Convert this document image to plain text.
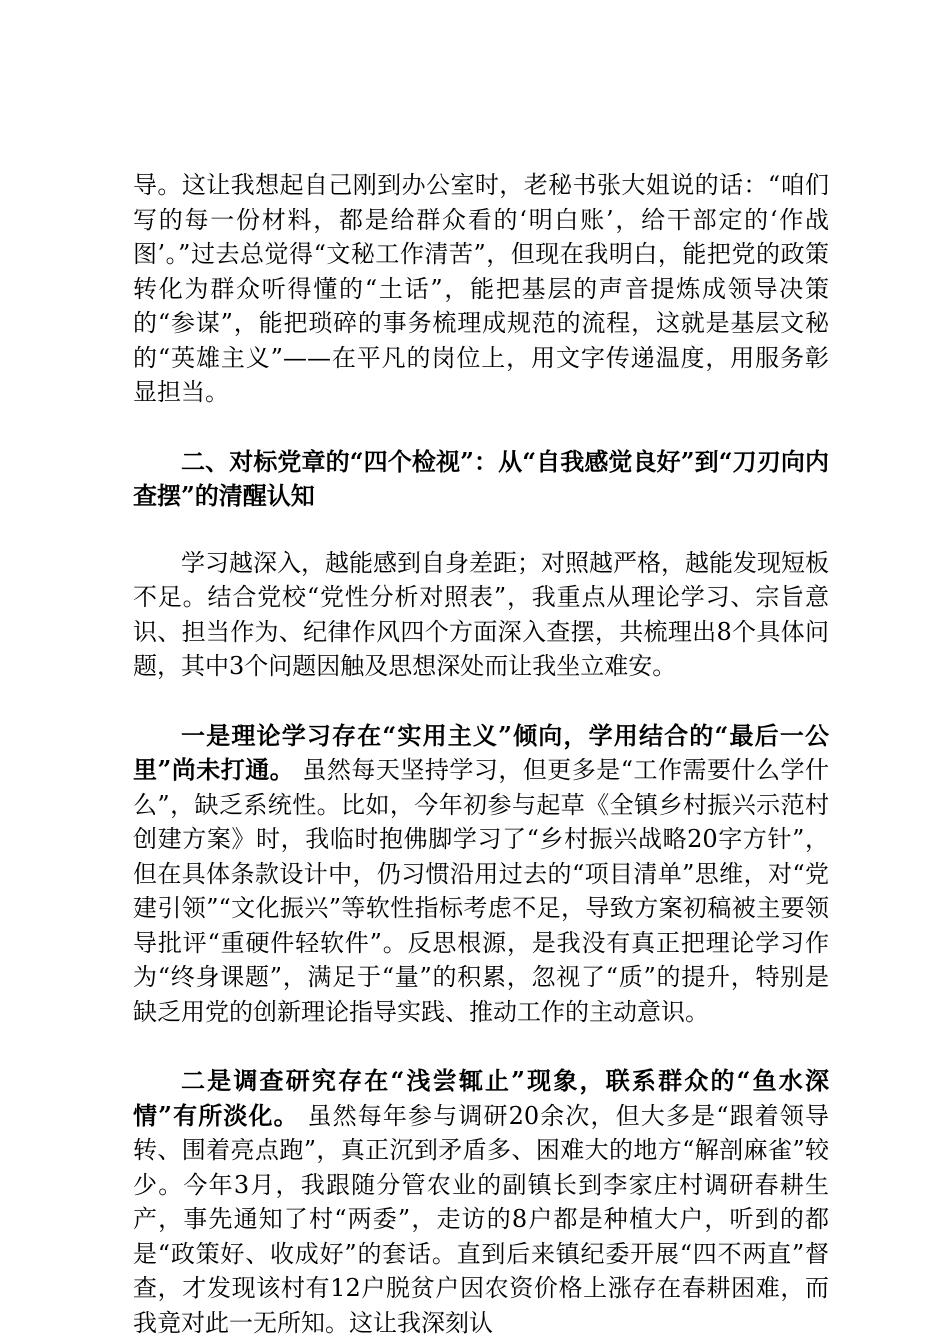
导。这让我想起自己刚到办公室时，老秘书张大姐说的话：“咱们写的每一份材料，都是给群众看的‘明白账’，给干部定的‘作战图’。”过去总觉得“文秘工作清苦”，但现在我明白，能把党的政策转化为群众听得懂的“土话”，能把基层的声音提炼成领导决策的“参谋”，能把琐碎的事务梳理成规范的流程，这就是基层文秘的“英雄主义”——在平凡的岗位上，用文字传递温度，用服务彰显担当。

二、对标党章的“四个检视”：从“自我感觉良好”到“刀刃向内查摆”的清醒认知

学习越深入，越能感到自身差距；对照越严格，越能发现短板不足。结合党校“党性分析对照表”，我重点从理论学习、宗旨意识、担当作为、纪律作风四个方面深入查摆，共梳理出8个具体问题，其中3个问题因触及思想深处而让我坐立难安。

一是理论学习存在“实用主义”倾向，学用结合的“最后一公里”尚未打通。 虽然每天坚持学习，但更多是“工作需要什么学什么”，缺乏系统性。比如，今年初参与起草《全镇乡村振兴示范村创建方案》时，我临时抱佛脚学习了“乡村振兴战略20字方针”，但在具体条款设计中，仍习惯沿用过去的“项目清单”思维，对“党建引领”“文化振兴”等软性指标考虑不足，导致方案初稿被主要领导批评“重硬件轻软件”。反思根源，是我没有真正把理论学习作为“终身课题”，满足于“量”的积累，忽视了“质”的提升，特别是缺乏用党的创新理论指导实践、推动工作的主动意识。

二是调查研究存在“浅尝辄止”现象，联系群众的“鱼水深情”有所淡化。 虽然每年参与调研20余次，但大多是“跟着领导转、围着亮点跑”，真正沉到矛盾多、困难大的地方“解剖麻雀”较少。今年3月，我跟随分管农业的副镇长到李家庄村调研春耕生产，事先通知了村“两委”，走访的8户都是种植大户，听到的都是“政策好、收成好”的套话。直到后来镇纪委开展“四不两直”督查，才发现该村有12户脱贫户因农资价格上涨存在春耕困难，而我竟对此一无所知。这让我深刻认
